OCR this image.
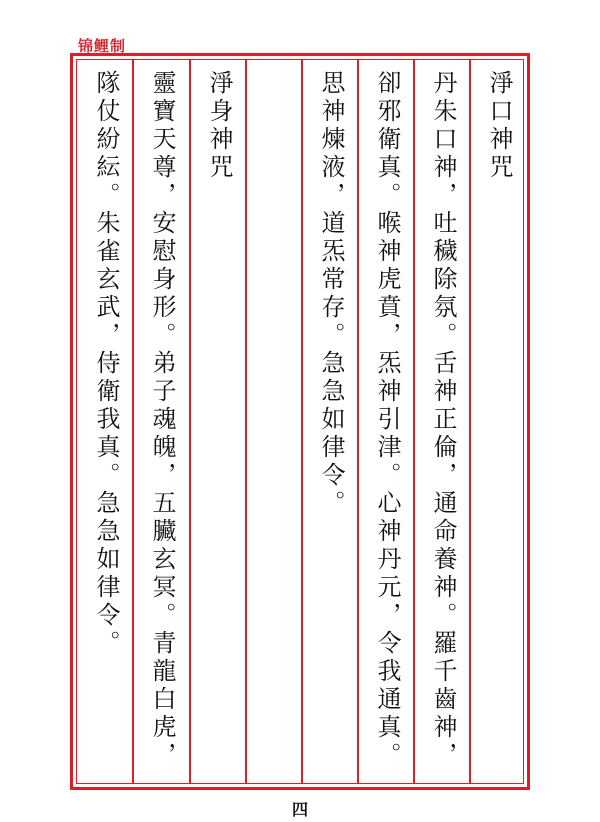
锦鲤制
淨口神咒
丹朱口神，吐穢除氛。舌神正倫，通命養神。羅千齒神，
卻邪衛真。喉神虎賁，炁神引津。心神丹元，令我通真。
思神煉液，道炁常存。急急如律令。
淨身神咒
靈寶天尊，安慰身形。弟子魂魄，五臟玄冥。青龍白虎，
隊仗紛紜。朱雀玄武，侍衛我真。急急如律令。
四
